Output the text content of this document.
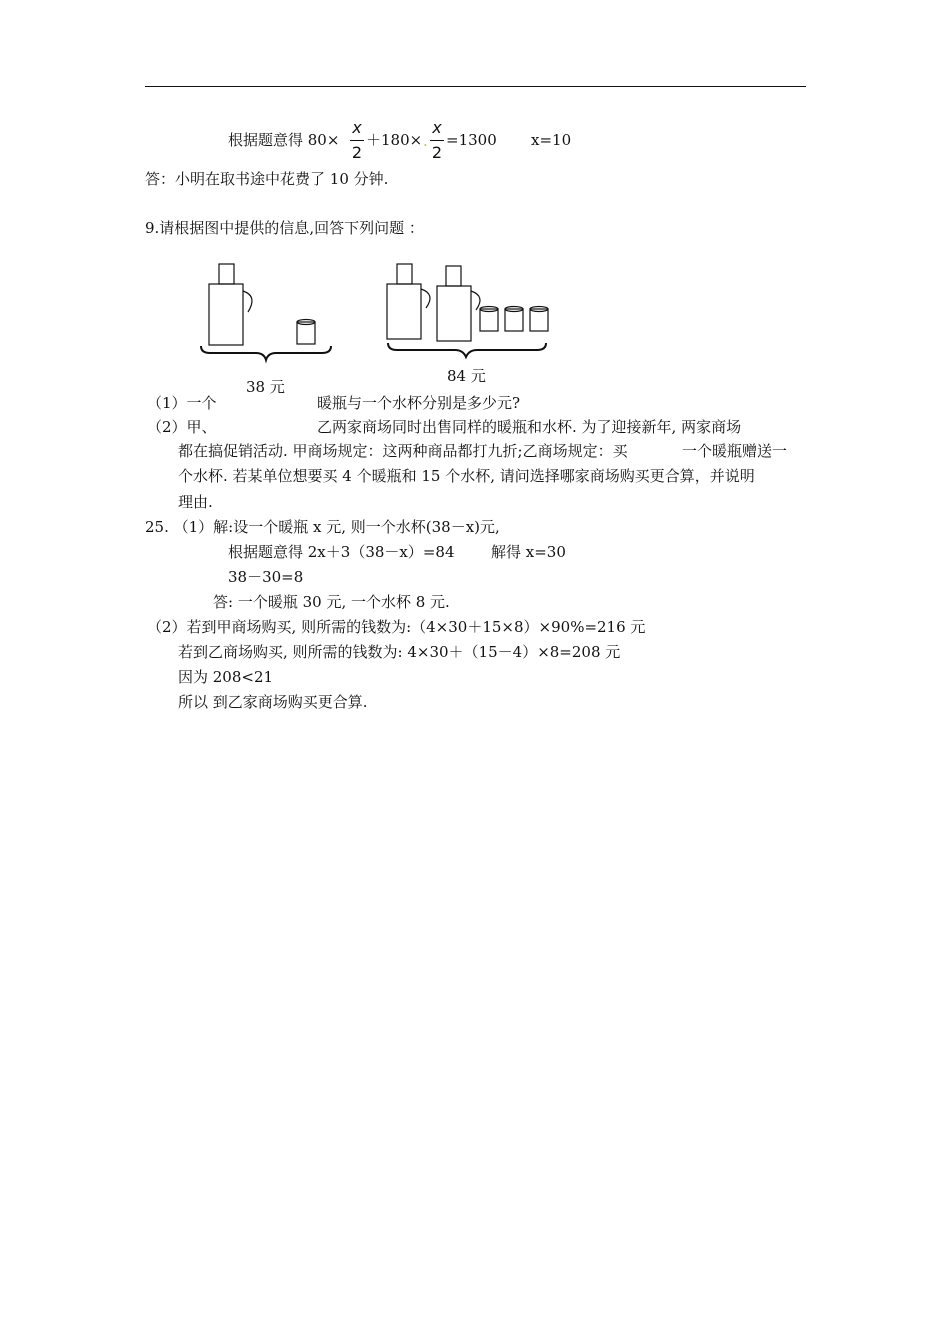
根据题意得 80×
x
2
＋180× .
x
2
=1300 x=10
答：小明在取书途中花费了 10 分钟.
9.请根据图中提供的信息,回答下列问题 ：
84 元
38 元
（1）一个	暖瓶与一个水杯分别是多少元?
（2）甲、	乙两家商场同时出售同样的暖瓶和水杯. 为了迎接新年, 两家商场
都在搞促销活动. 甲商场规定：这两种商品都打九折;乙商场规定：买	一个暖瓶赠送一
个水杯. 若某单位想要买 4 个暖瓶和 15 个水杯, 请问选择哪家商场购买更合算，并说明
理由.
25. （1）解:设一个暖瓶 x 元, 则一个水杯(38－x)元,
根据题意得 2x＋3（38－x）=84 解得 x=30
38－30=8
答: 一个暖瓶 30 元, 一个水杯 8 元.
（2）若到甲商场购买, 则所需的钱数为:（4×30＋15×8）×90%=216 元
若到乙商场购买, 则所需的钱数为: 4×30＋（15－4）×8=208 元
因为 208<21
所以 到乙家商场购买更合算.
